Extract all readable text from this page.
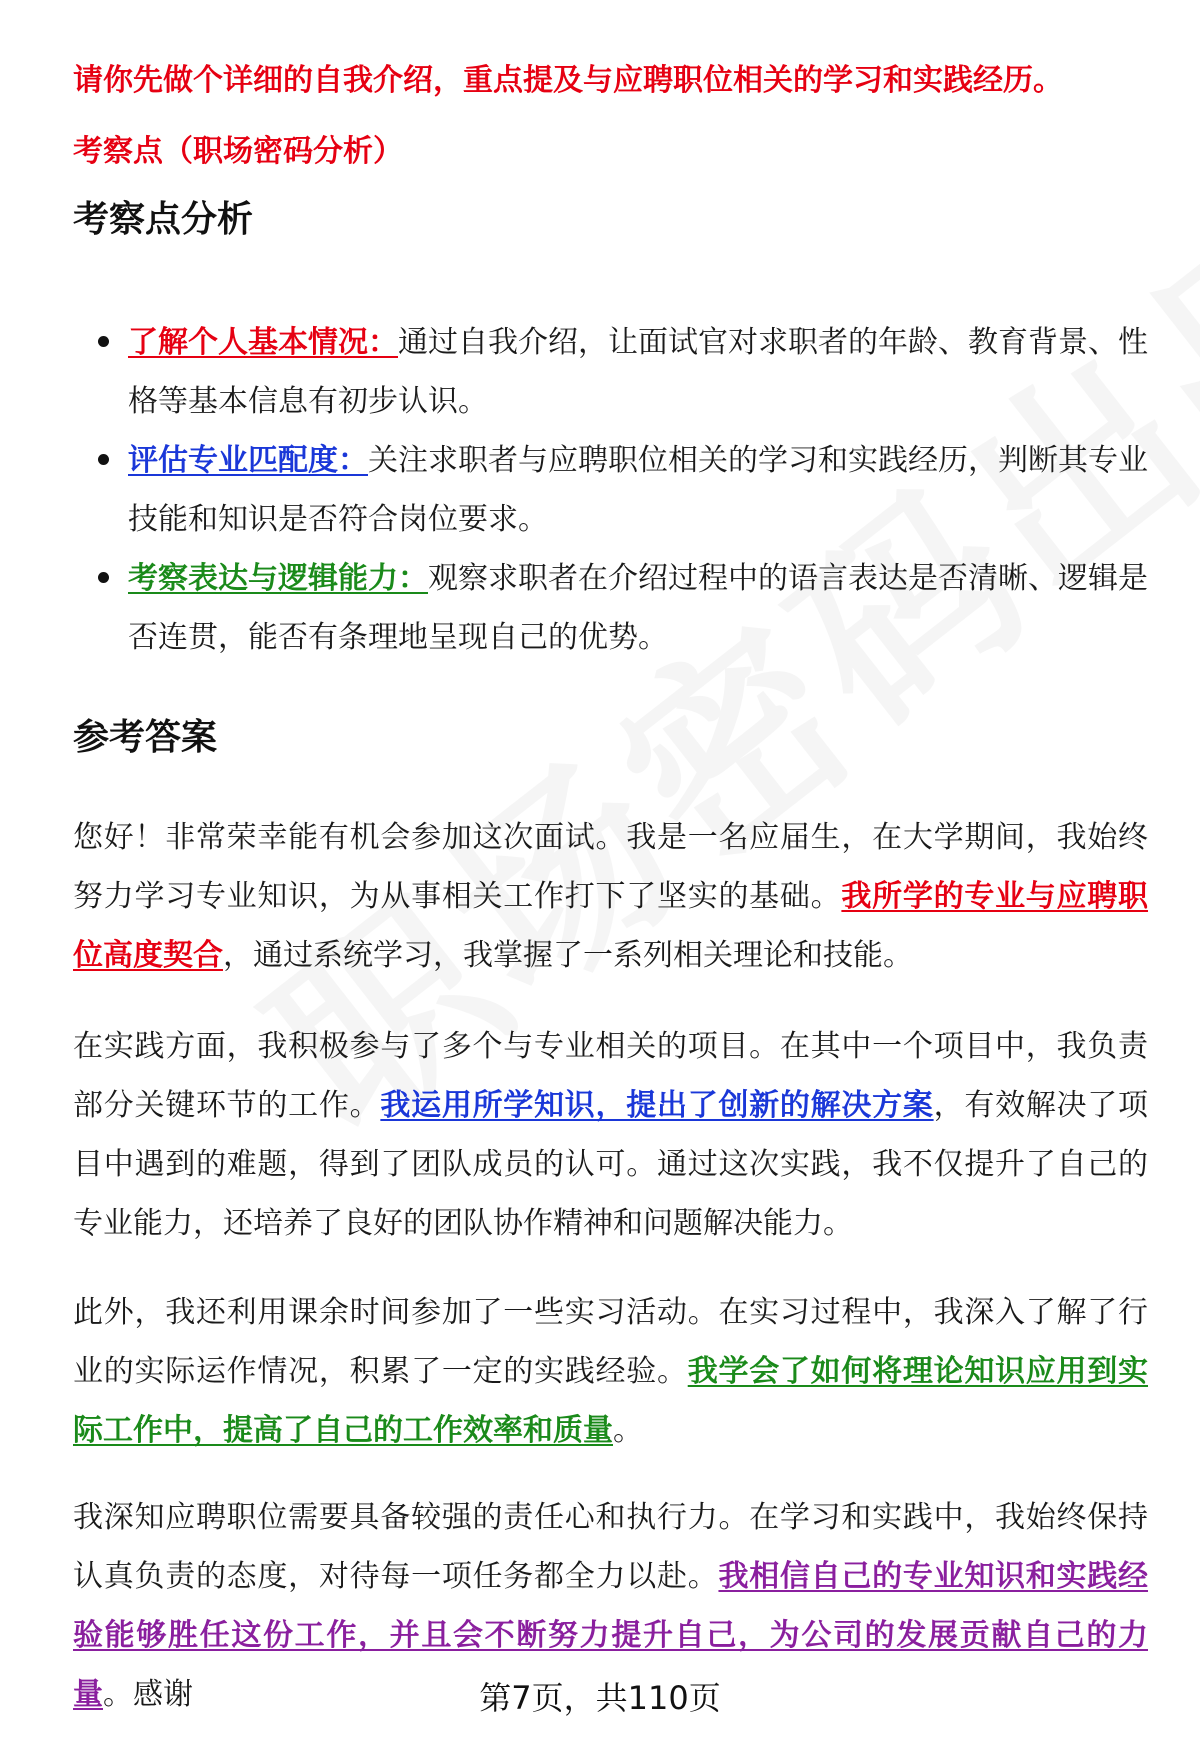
请你先做个详细的自我介绍，重点提及与应聘职位相关的学习和实践经历。
考察点（职场密码分析）
考察点分析
了解个人基本情况：通过自我介绍，让面试官对求职者的年龄、教育背景、性格等基本信息有初步认识。
评估专业匹配度：关注求职者与应聘职位相关的学习和实践经历，判断其专业技能和知识是否符合岗位要求。
考察表达与逻辑能力：观察求职者在介绍过程中的语言表达是否清晰、逻辑是否连贯，能否有条理地呈现自己的优势。
参考答案
您好！非常荣幸能有机会参加这次面试。我是一名应届生，在大学期间，我始终努力学习专业知识，为从事相关工作打下了坚实的基础。我所学的专业与应聘职位高度契合，通过系统学习，我掌握了一系列相关理论和技能。
在实践方面，我积极参与了多个与专业相关的项目。在其中一个项目中，我负责部分关键环节的工作。我运用所学知识，提出了创新的解决方案，有效解决了项目中遇到的难题，得到了团队成员的认可。通过这次实践，我不仅提升了自己的专业能力，还培养了良好的团队协作精神和问题解决能力。
此外，我还利用课余时间参加了一些实习活动。在实习过程中，我深入了解了行业的实际运作情况，积累了一定的实践经验。我学会了如何将理论知识应用到实际工作中，提高了自己的工作效率和质量。
我深知应聘职位需要具备较强的责任心和执行力。在学习和实践中，我始终保持认真负责的态度，对待每一项任务都全力以赴。我相信自己的专业知识和实践经验能够胜任这份工作，并且会不断努力提升自己，为公司的发展贡献自己的力量。感谢	第7页，共110页
